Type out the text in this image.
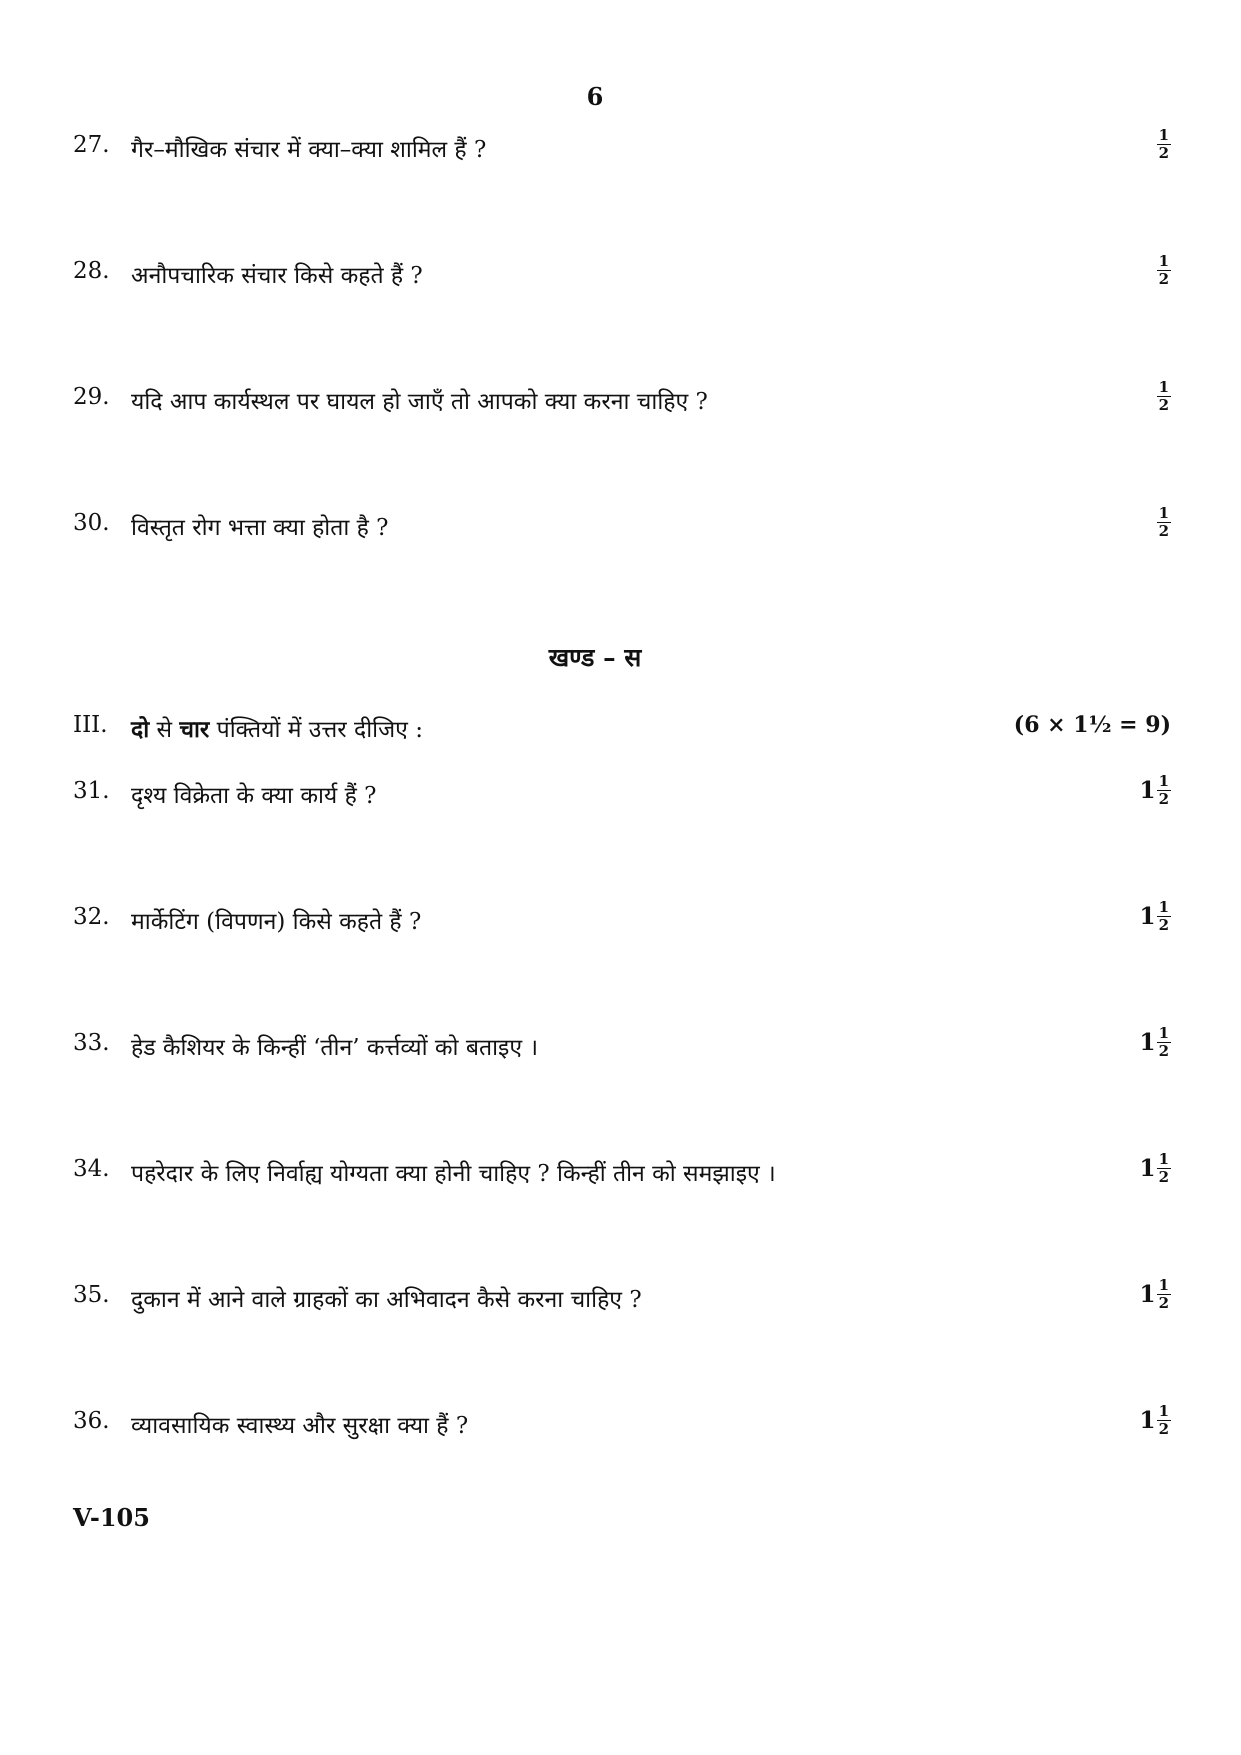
6
27. गैर–मौखिक संचार में क्या–क्या शामिल हैं ?	$\frac{1}{2}$
28. अनौपचारिक संचार किसे कहते हैं ?	$\frac{1}{2}$
29. यदि आप कार्यस्थल पर घायल हो जाएँ तो आपको क्या करना चाहिए ?	$\frac{1}{2}$
30. विस्तृत रोग भत्ता क्या होता है ?	$\frac{1}{2}$
खण्ड – स
III. दो से चार पंक्तियों में उत्तर दीजिए :	(6 × 1½ = 9)
31. दृश्य विक्रेता के क्या कार्य हैं ?	$1 \frac{1}{2}$
32. मार्केटिंग (विपणन) किसे कहते हैं ?	$1 \frac{1}{2}$
33. हेड कैशियर के किन्हीं ‘तीन’ कर्त्तव्यों को बताइए ।	$1 \frac{1}{2}$
34. पहरेदार के लिए निर्वाह्य योग्यता क्या होनी चाहिए ? किन्हीं तीन को समझाइए ।	$1 \frac{1}{2}$
35. दुकान में आने वाले ग्राहकों का अभिवादन कैसे करना चाहिए ?	$1 \frac{1}{2}$
36. व्यावसायिक स्वास्थ्य और सुरक्षा क्या हैं ?	$1 \frac{1}{2}$
V-105
